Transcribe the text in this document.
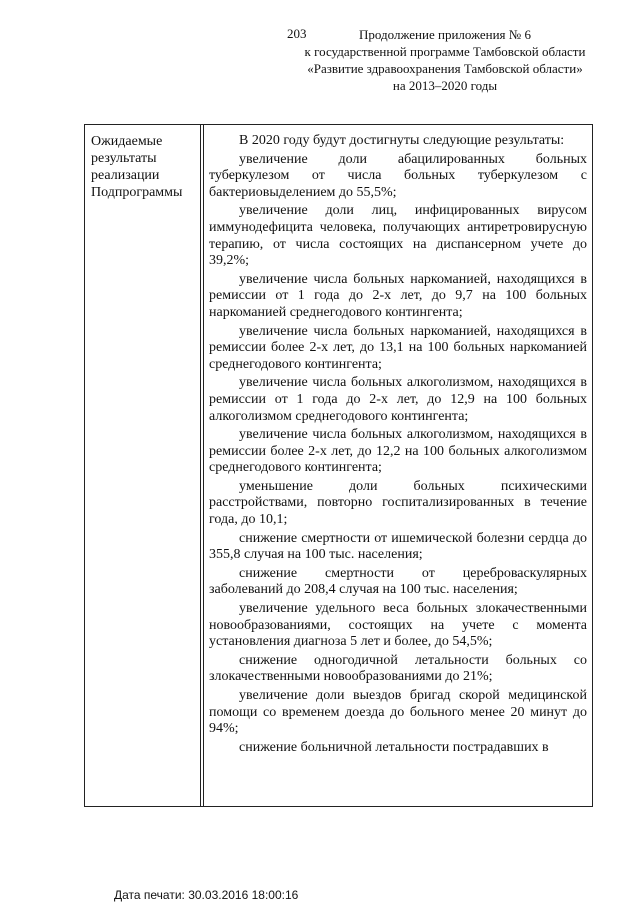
203	Продолжение приложения № 6
к государственной программе Тамбовской области
«Развитие здравоохранения Тамбовской области»
на 2013–2020 годы
Ожидаемые
результаты
реализации
Подпрограммы

В 2020 году будут достигнуты следующие результаты:

увеличение доли абацилированных больных туберкулезом от числа больных туберкулезом с бактериовыделением до 55,5%;

увеличение доли лиц, инфицированных вирусом иммунодефицита человека, получающих антиретровирусную терапию, от числа состоящих на диспансерном учете до 39,2%;

увеличение числа больных наркоманией, находящихся в ремиссии от 1 года до 2-х лет, до 9,7 на 100 больных наркоманией среднегодового контингента;

увеличение числа больных наркоманией, находящихся в ремиссии более 2-х лет, до 13,1 на 100 больных наркоманией среднегодового контингента;

увеличение числа больных алкоголизмом, находящихся в ремиссии от 1 года до 2-х лет, до 12,9 на 100 больных алкоголизмом среднегодового контингента;

увеличение числа больных алкоголизмом, находящихся в ремиссии более 2-х лет, до 12,2 на 100 больных алкоголизмом среднегодового контингента;

уменьшение доли больных психическими расстройствами, повторно госпитализированных в течение года, до 10,1;

снижение смертности от ишемической болезни сердца до 355,8 случая на 100 тыс. населения;

снижение смертности от цереброваскулярных заболеваний до 208,4 случая на 100 тыс. населения;

увеличение удельного веса больных злокачественными новообразованиями, состоящих на учете с момента установления диагноза 5 лет и более, до 54,5%;

снижение одногодичной летальности больных со злокачественными новообразованиями до 21%;

увеличение доли выездов бригад скорой медицинской помощи со временем доезда до больного менее 20 минут до 94%;

снижение больничной летальности пострадавших в

Дата печати: 30.03.2016 18:00:16
